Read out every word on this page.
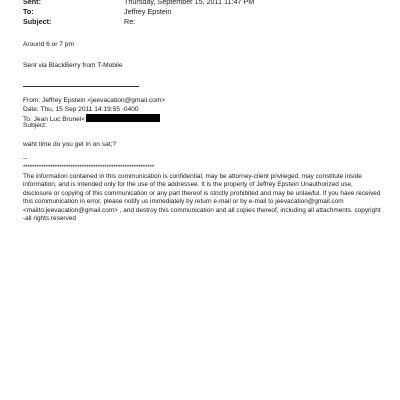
Sent:	Thursday, September 15, 2011 11:47 PM
To:	Jeffrey Epstein
Subject:	Re:
Around 6 or 7 pm
Sent via BlackBerry from T-Mobile
From: Jeffrey Epstein <jeevacation@gmail.com>
Date: Thu, 15 Sep 2011 14:19:55 -0400
To: Jean Luc Brunel<
Subject:
waht time do you get in on sat;?
--
**********************************************************
The information contained in this communication is confidential, may be attorney-client privileged, may constitute inside information, and is intended only for the use of the addressee. It is the property of Jeffrey Epstein Unauthorized use, disclosure or copying of this communication or any part thereof is strictly prohibited and may be unlawful. If you have received this communication in error, please notify us immediately by return e-mail or by e-mail to jeevacation@gmail.com <mailto:jeevacation@gmail.com> , and destroy this communication and all copies thereof, including all attachments. copyright -all rights reserved
